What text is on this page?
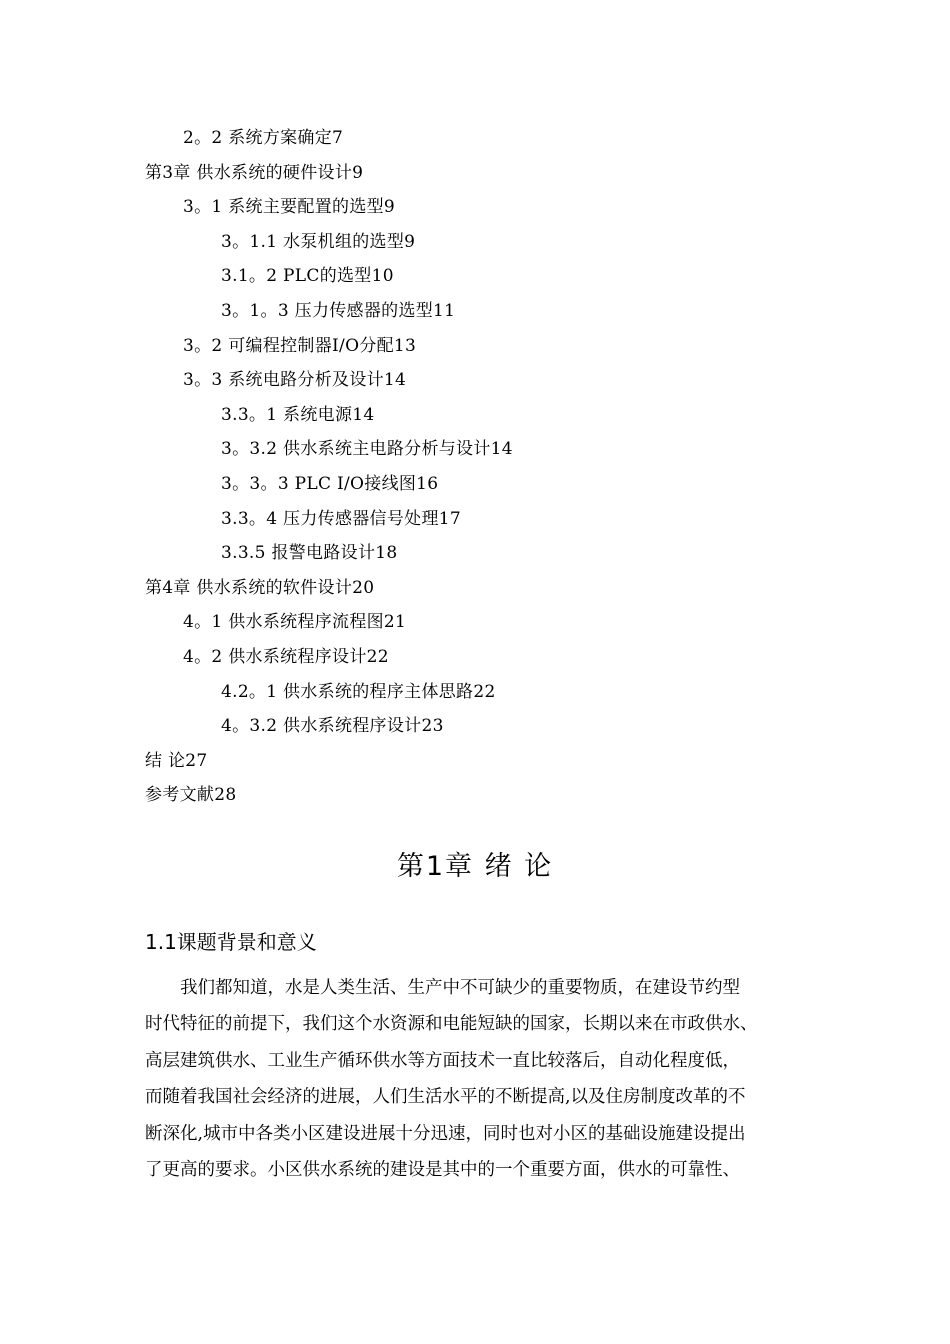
2。2 系统方案确定7
第3章 供水系统的硬件设计9
3。1 系统主要配置的选型9
3。1.1 水泵机组的选型9
3.1。2 PLC的选型10
3。1。3 压力传感器的选型11
3。2 可编程控制器I/O分配13
3。3 系统电路分析及设计14
3.3。1 系统电源14
3。3.2 供水系统主电路分析与设计14
3。3。3 PLC I/O接线图16
3.3。4 压力传感器信号处理17
3.3.5 报警电路设计18
第4章 供水系统的软件设计20
4。1 供水系统程序流程图21
4。2 供水系统程序设计22
4.2。1 供水系统的程序主体思路22
4。3.2 供水系统程序设计23
结 论27
参考文献28
第1章 绪 论
1.1课题背景和意义
　　我们都知道，水是人类生活、生产中不可缺少的重要物质，在建设节约型
时代特征的前提下，我们这个水资源和电能短缺的国家，长期以来在市政供水、
高层建筑供水、工业生产循环供水等方面技术一直比较落后，自动化程度低，
而随着我国社会经济的进展，人们生活水平的不断提高,以及住房制度改革的不
断深化,城市中各类小区建设进展十分迅速，同时也对小区的基础设施建设提出
了更高的要求。小区供水系统的建设是其中的一个重要方面，供水的可靠性、
